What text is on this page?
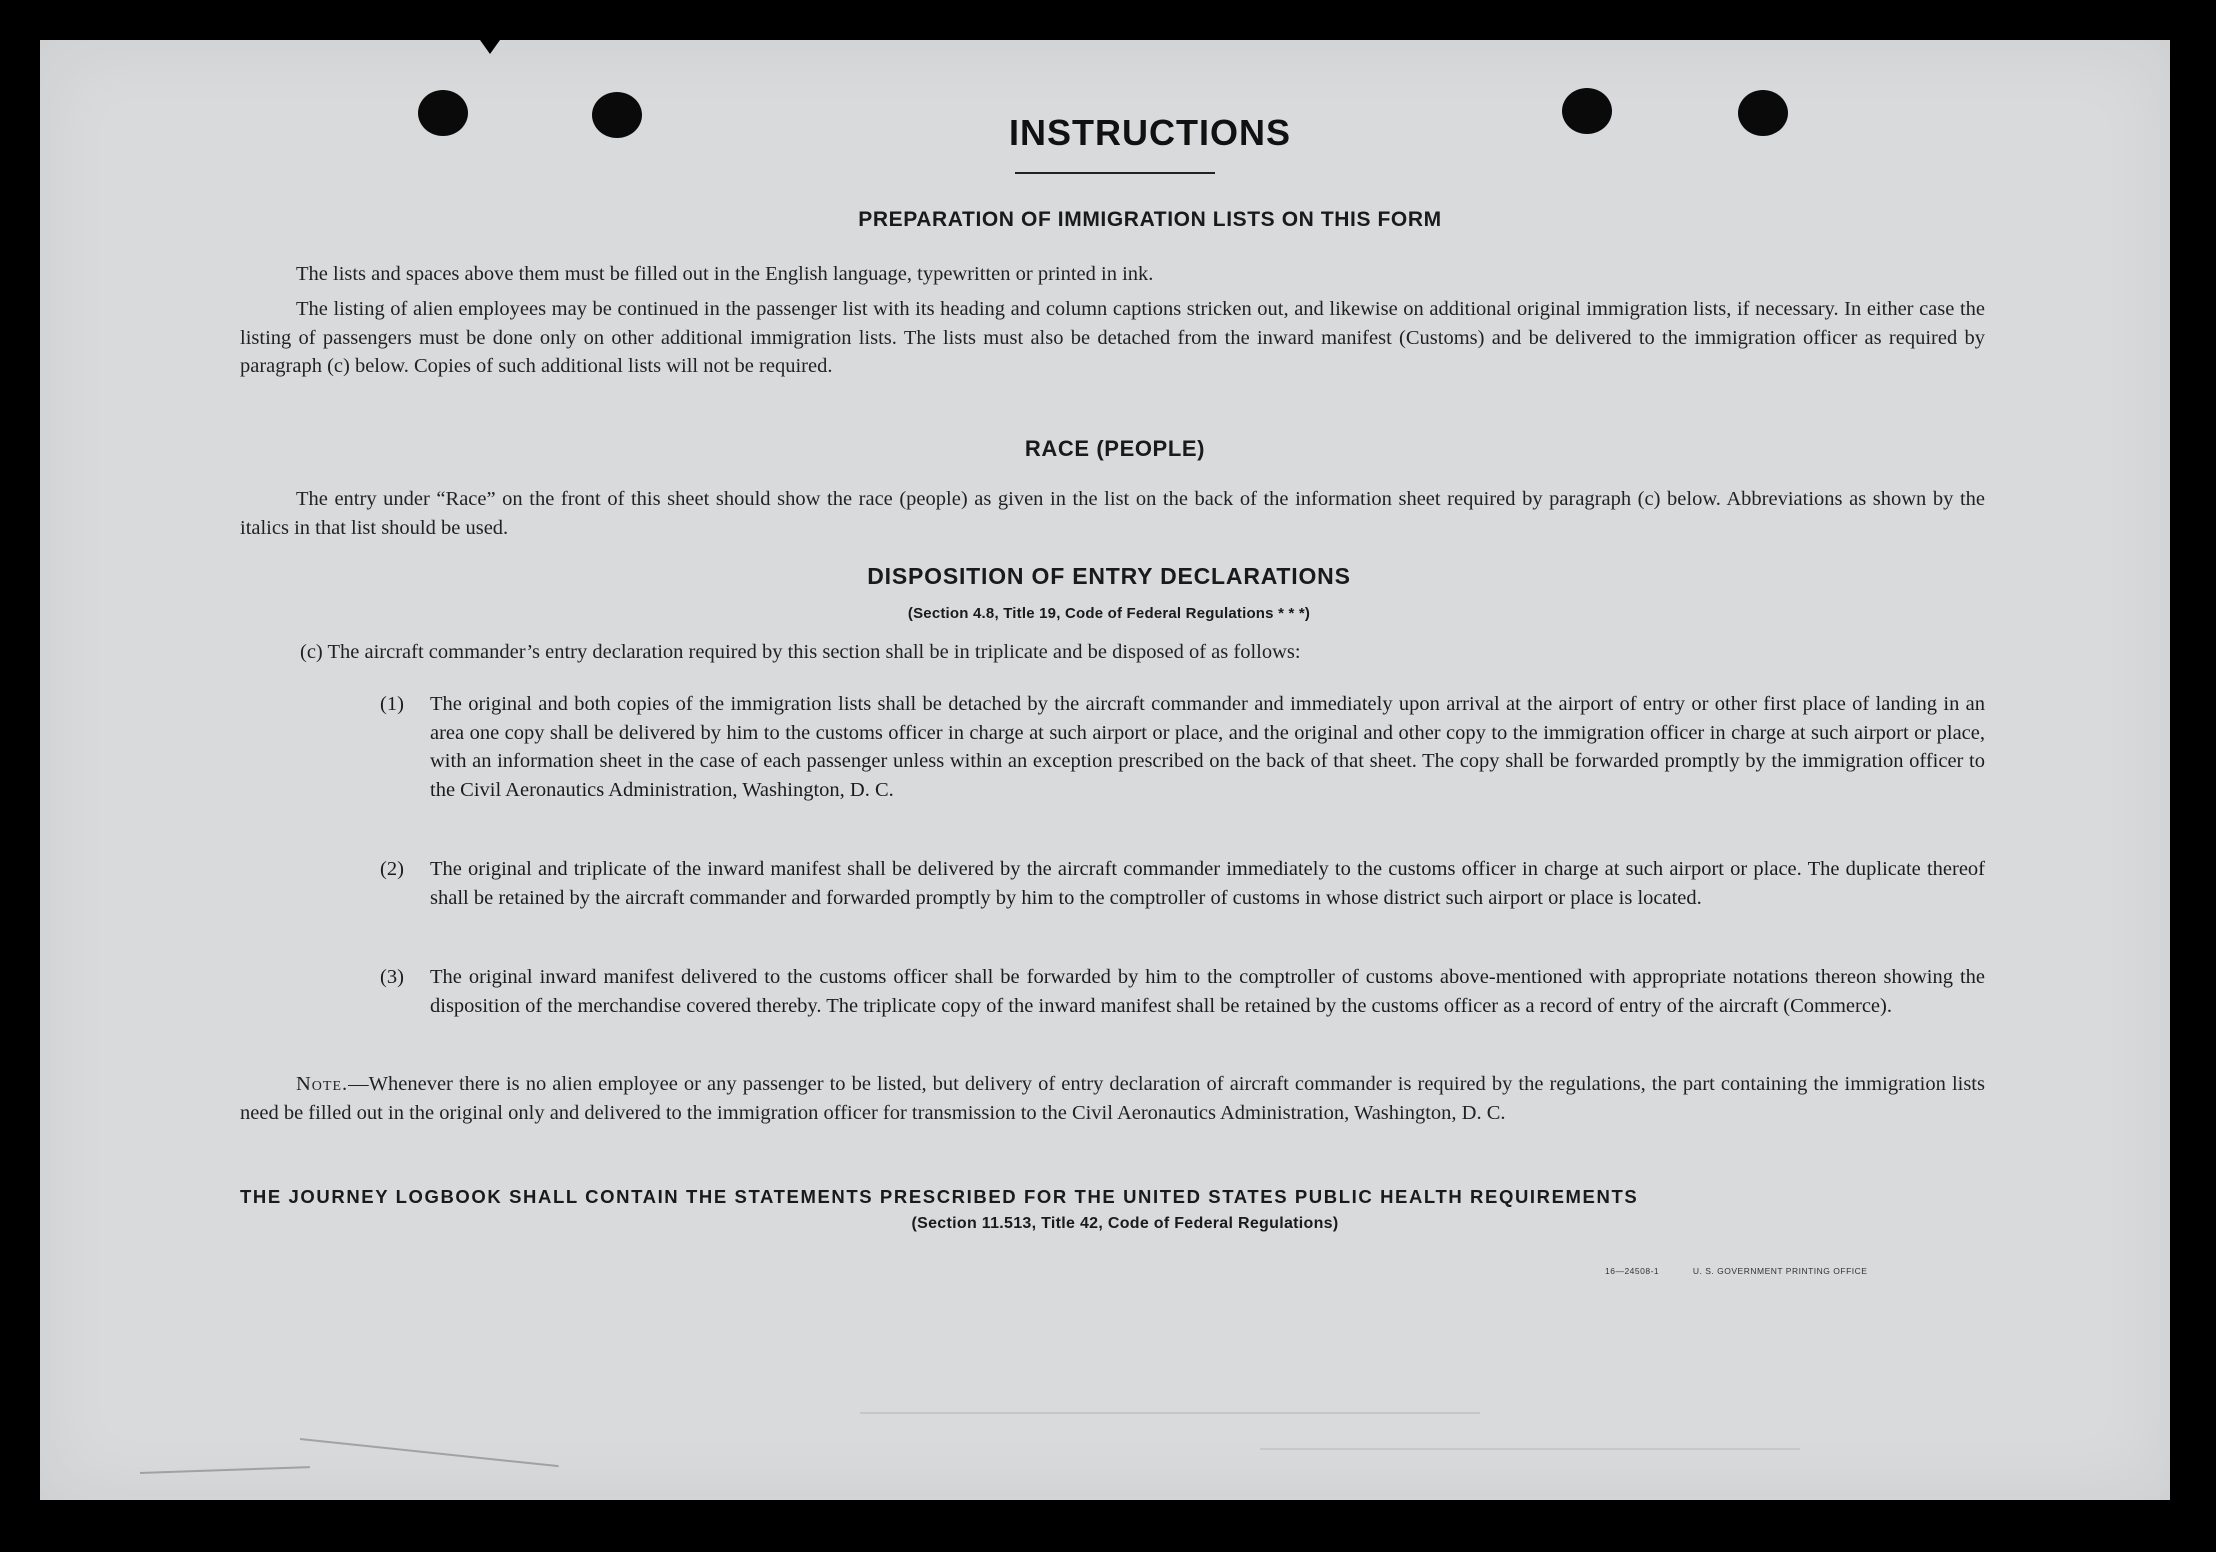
INSTRUCTIONS
PREPARATION OF IMMIGRATION LISTS ON THIS FORM
The lists and spaces above them must be filled out in the English language, typewritten or printed in ink.
The listing of alien employees may be continued in the passenger list with its heading and column captions stricken out, and likewise on additional original immigration lists, if necessary. In either case the listing of passengers must be done only on other additional immigration lists. The lists must also be detached from the inward manifest (Customs) and be delivered to the immigration officer as required by paragraph (c) below. Copies of such additional lists will not be required.
RACE (PEOPLE)
The entry under “Race” on the front of this sheet should show the race (people) as given in the list on the back of the information sheet required by paragraph (c) below. Abbreviations as shown by the italics in that list should be used.
DISPOSITION OF ENTRY DECLARATIONS
(Section 4.8, Title 19, Code of Federal Regulations * * *)
(c) The aircraft commander’s entry declaration required by this section shall be in triplicate and be disposed of as follows:
(1) The original and both copies of the immigration lists shall be detached by the aircraft commander and immediately upon arrival at the airport of entry or other first place of landing in an area one copy shall be delivered by him to the customs officer in charge at such airport or place, and the original and other copy to the immigration officer in charge at such airport or place, with an information sheet in the case of each passenger unless within an exception prescribed on the back of that sheet. The copy shall be forwarded promptly by the immigration officer to the Civil Aeronautics Administration, Washington, D. C.
(2) The original and triplicate of the inward manifest shall be delivered by the aircraft commander immediately to the customs officer in charge at such airport or place. The duplicate thereof shall be retained by the aircraft commander and forwarded promptly by him to the comptroller of customs in whose district such airport or place is located.
(3) The original inward manifest delivered to the customs officer shall be forwarded by him to the comptroller of customs above-mentioned with appropriate notations thereon showing the disposition of the merchandise covered thereby. The triplicate copy of the inward manifest shall be retained by the customs officer as a record of entry of the aircraft (Commerce).
Note.—Whenever there is no alien employee or any passenger to be listed, but delivery of entry declaration of aircraft commander is required by the regulations, the part containing the immigration lists need be filled out in the original only and delivered to the immigration officer for transmission to the Civil Aeronautics Administration, Washington, D. C.
THE JOURNEY LOGBOOK SHALL CONTAIN THE STATEMENTS PRESCRIBED FOR THE UNITED STATES PUBLIC HEALTH REQUIREMENTS
(Section 11.513, Title 42, Code of Federal Regulations)
16—24508-1	U. S. GOVERNMENT PRINTING OFFICE
